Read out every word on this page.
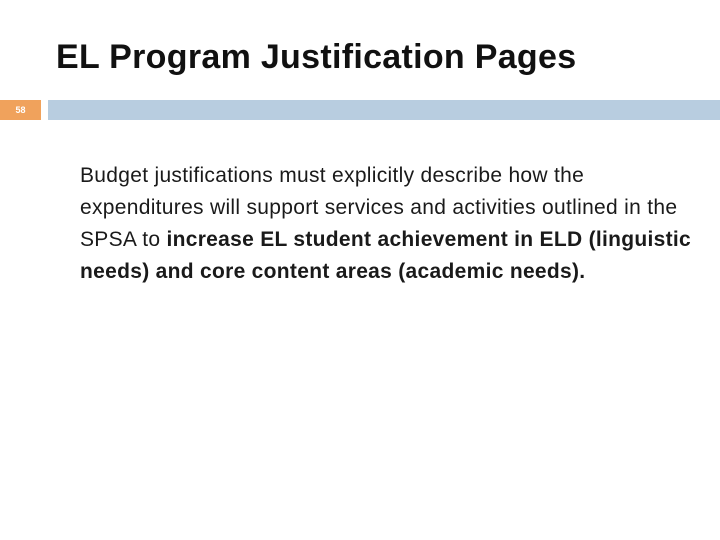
EL Program Justification Pages
58

Budget justifications must explicitly describe how the expenditures will support services and activities outlined in the SPSA to increase EL student achievement in ELD (linguistic needs) and core content areas (academic needs).
